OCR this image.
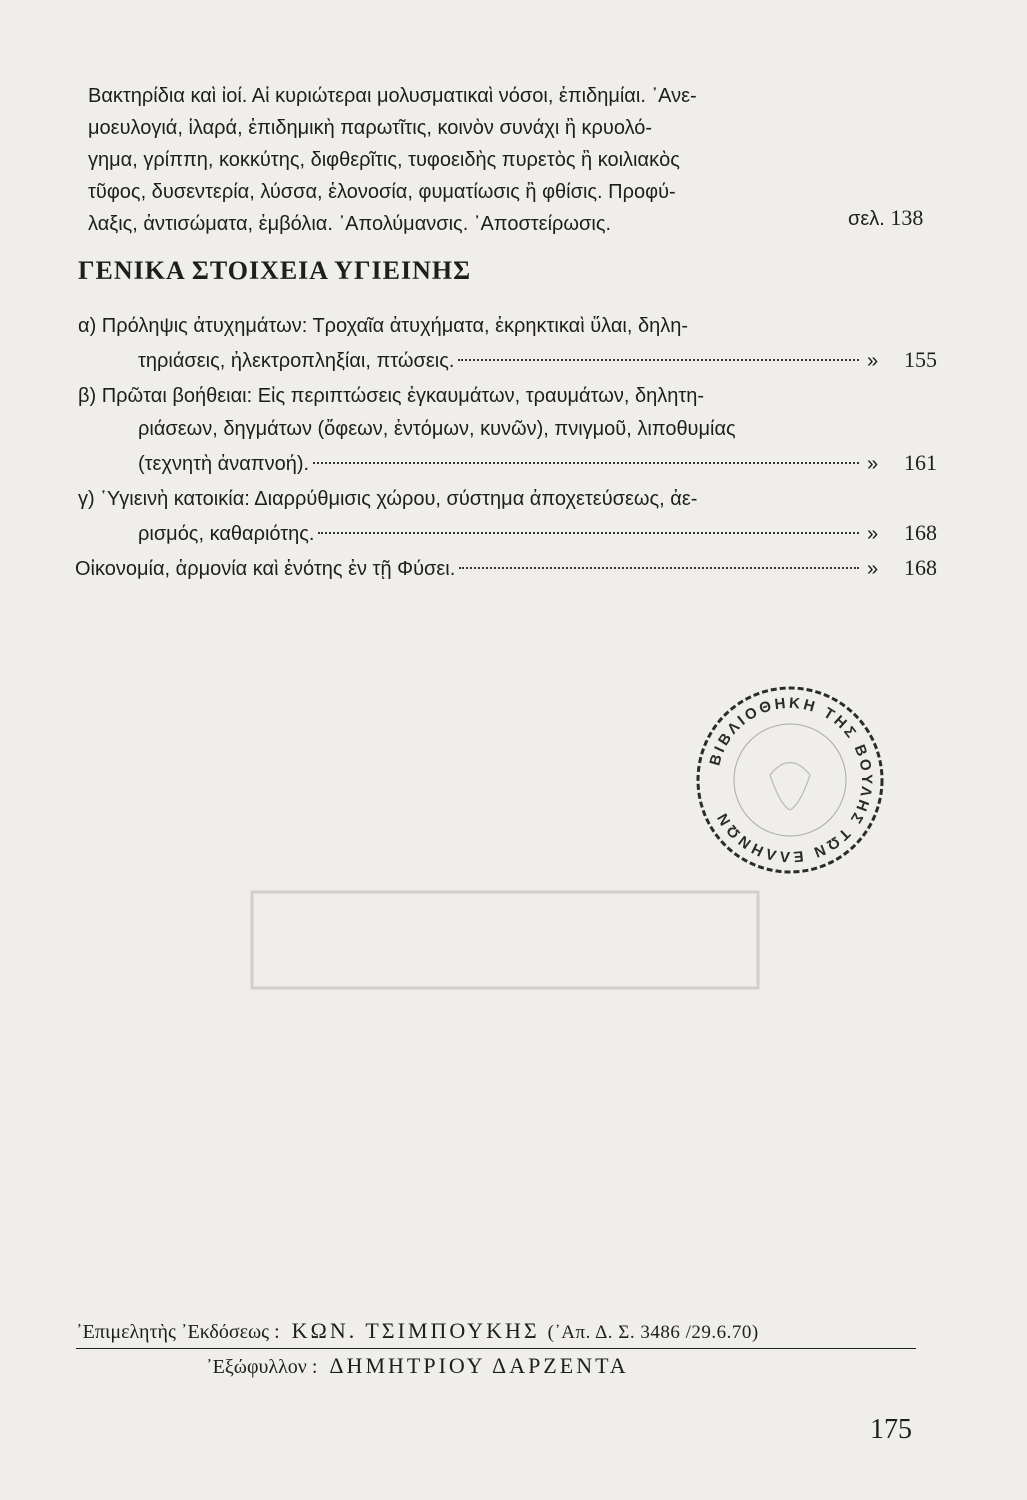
Βακτηρίδια καὶ ἰοί. Αἱ κυριώτεραι μολυσματικαὶ νόσοι, ἐπιδημίαι. ᾿Ανε-
μοευλογιά, ἱλαρά, ἐπιδημικὴ παρωτῖτις, κοινὸν συνάχι ἢ κρυολό-
γημα, γρίππη, κοκκύτης, διφθερῖτις, τυφοειδὴς πυρετὸς ἢ κοιλιακὸς
τῦφος, δυσεντερία, λύσσα, ἑλονοσία, φυματίωσις ἢ φθίσις. Προφύ-
λαξις, ἀντισώματα, ἐμβόλια. ᾿Απολύμανσις. ᾿Αποστείρωσις.	σελ. 138
ΓΕΝΙΚΑ ΣΤΟΙΧΕΙΑ ΥΓΙΕΙΝΗΣ
α) Πρόληψις ἀτυχημάτων: Τροχαῖα ἀτυχήματα, ἐκρηκτικαὶ ὕλαι, δηλη-
τηριάσεις, ἠλεκτροπληξίαι, πτώσεις.	»	155
β) Πρῶται βοήθειαι: Εἰς περιπτώσεις ἐγκαυμάτων, τραυμάτων, δηλητη-
ριάσεων, δηγμάτων (ὄφεων, ἐντόμων, κυνῶν), πνιγμοῦ, λιποθυμίας
(τεχνητὴ ἀναπνοή).	»	161
γ) ῾Υγιεινὴ κατοικία: Διαρρύθμισις χώρου, σύστημα ἀποχετεύσεως, ἀε-
ρισμός, καθαριότης.	»	168
Οἰκονομία, ἁρμονία καὶ ἑνότης ἐν τῇ Φύσει.	»	168
ΒΙΒΛΙΟΘΗΚΗ ΤΗΣ ΒΟΥΛΗΣ ΤΩΝ ΕΛΛΗΝΩΝ
᾿Επιμελητὴς ᾿Εκδόσεως : ΚΩΝ. ΤΣΙΜΠΟΥΚΗΣ (᾿Απ. Δ. Σ. 3486 /29.6.70)
᾿Εξώφυλλον : ΔΗΜΗΤΡΙΟΥ ΔΑΡΖΕΝΤΑ
175
